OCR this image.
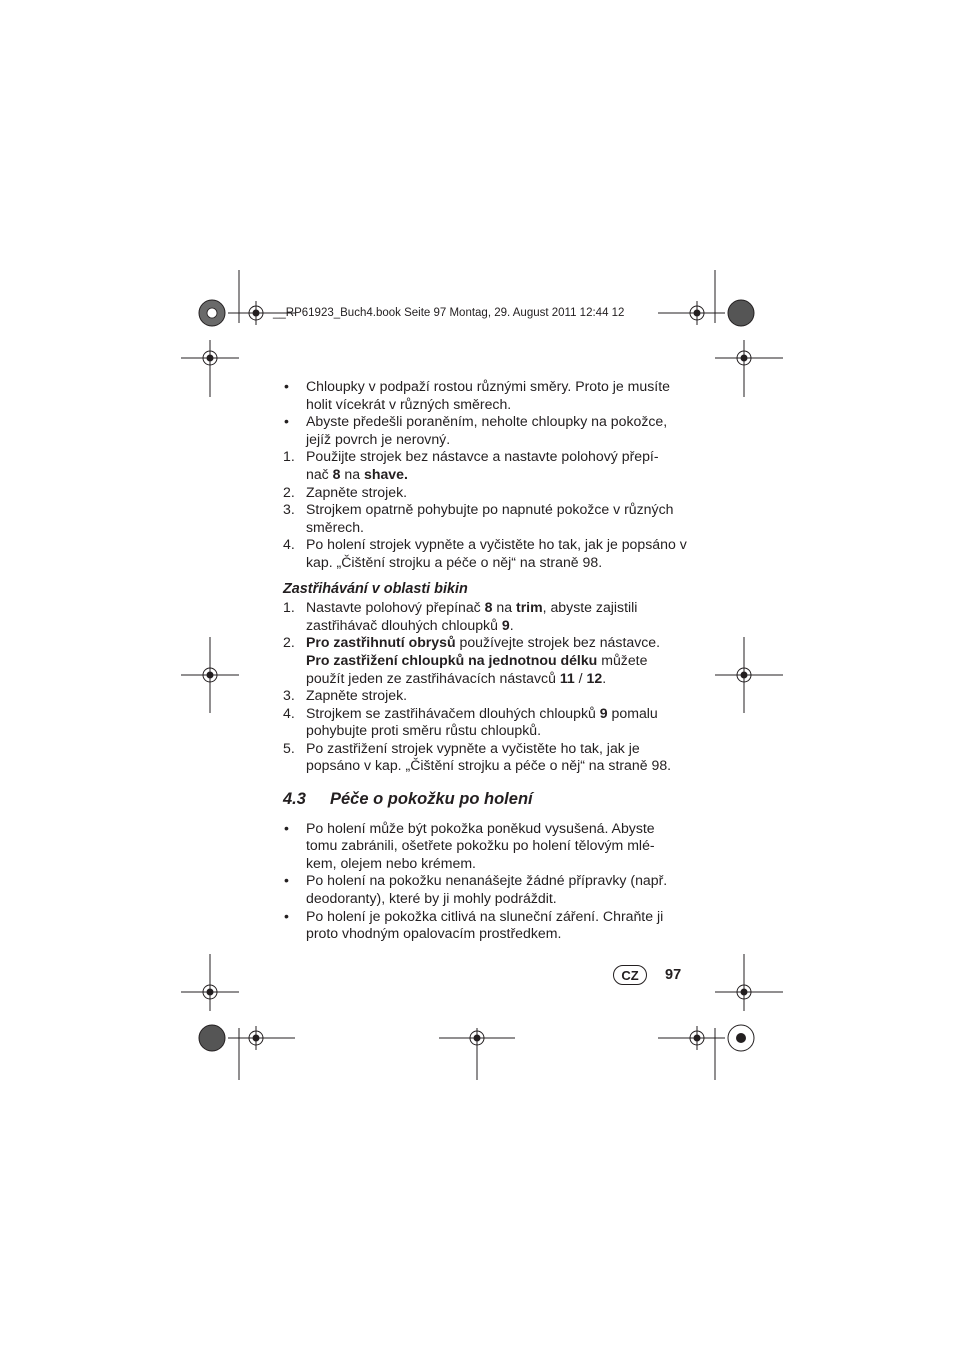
__RP61923_Buch4.book Seite 97 Montag, 29. August 2011 12:44 12
• Chloupky v podpaží rostou různými směry. Proto je musíte holit vícekrát v různých směrech.
• Abyste předešli poraněním, neholte chloupky na pokožce, jejíž povrch je nerovný.
1. Použijte strojek bez nástavce a nastavte polohový přepí-
nač 8 na shave.
2. Zapněte strojek.
3. Strojkem opatrně pohybujte po napnuté pokožce v různých směrech.
4. Po holení strojek vypněte a vyčistěte ho tak, jak je popsáno v kap. „Čištění strojku a péče o něj“ na straně 98.
Zastřihávání v oblasti bikin
1. Nastavte polohový přepínač 8 na trim, abyste zajistili zastřihávač dlouhých chloupků 9.
2. Pro zastřihnutí obrysů používejte strojek bez nástavce.
Pro zastřižení chloupků na jednotnou délku můžete použít jeden ze zastřihávacích nástavců 11 / 12.
3. Zapněte strojek.
4. Strojkem se zastřihávačem dlouhých chloupků 9 pomalu pohybujte proti směru růstu chloupků.
5. Po zastřižení strojek vypněte a vyčistěte ho tak, jak je popsáno v kap. „Čištění strojku a péče o něj“ na straně 98.
4.3 Péče o pokožku po holení
• Po holení může být pokožka poněkud vysušená. Abyste tomu zabránili, ošetřete pokožku po holení tělovým mlé-
kem, olejem nebo krémem.
• Po holení na pokožku nenanášejte žádné přípravky (např.
deodoranty), které by ji mohly podráždit.
• Po holení je pokožka citlivá na sluneční záření. Chraňte ji proto vhodným opalovacím prostředkem.
CZ	97
